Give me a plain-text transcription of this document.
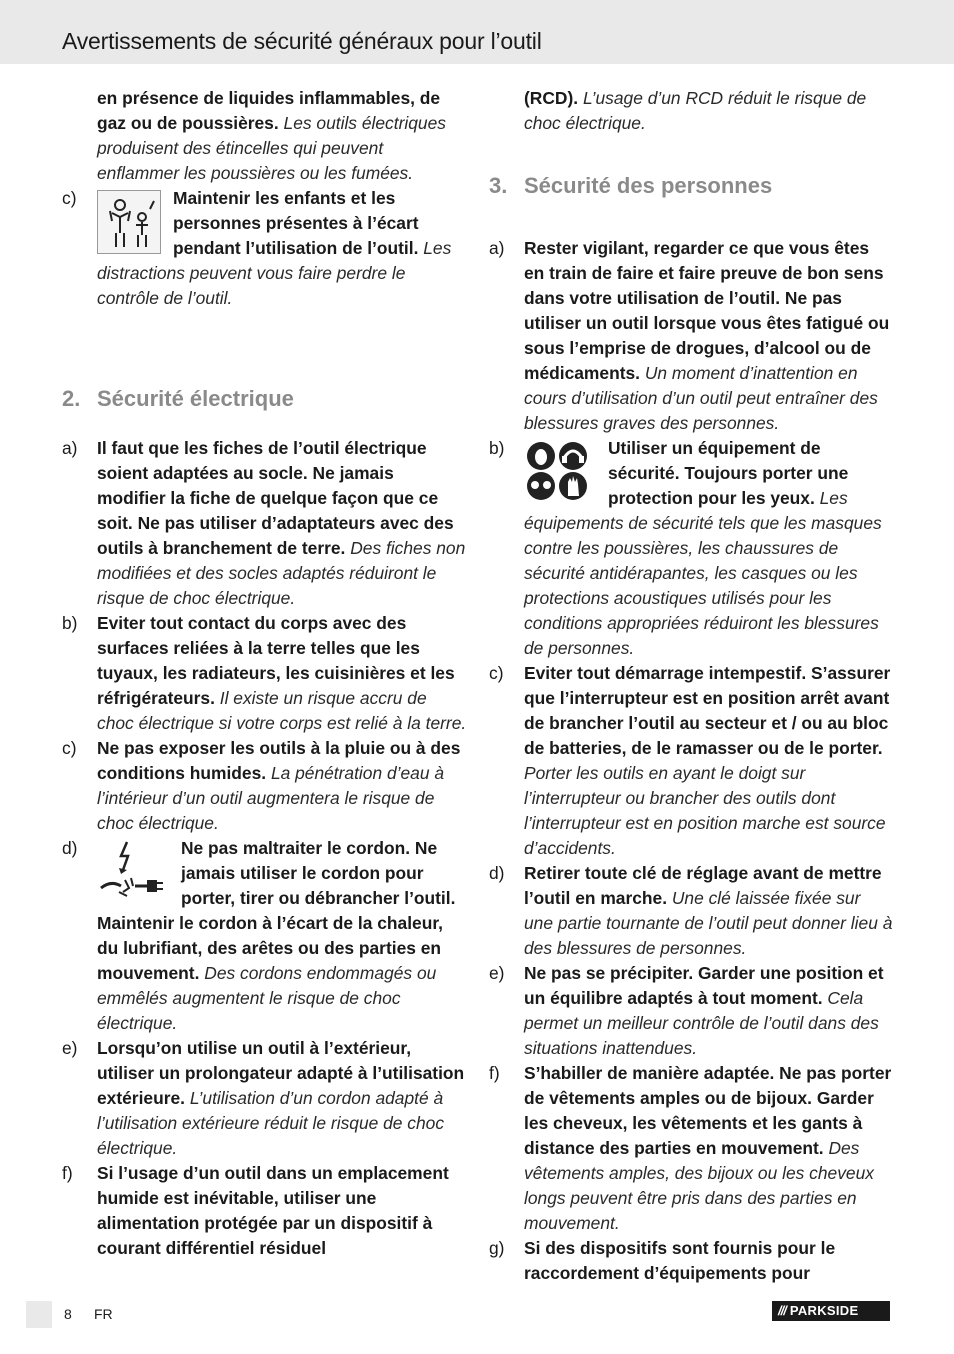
Avertissements de sécurité généraux pour l’outil
en présence de liquides inflammables, de gaz ou de poussières. Les outils électriques produisent des étincelles qui peuvent enflammer les poussières ou les fumées.
c)	Maintenir les enfants et les personnes présentes à l’écart pendant l’utilisation de l’outil. Les distractions peuvent vous faire perdre le contrôle de l’outil.
2. Sécurité électrique
a) Il faut que les fiches de l’outil électrique soient adaptées au socle. Ne jamais modifier la fiche de quelque façon que ce soit. Ne pas utiliser d’adaptateurs avec des outils à branchement de terre. Des fiches non modifiées et des socles adaptés réduiront le risque de choc électrique.
b) Eviter tout contact du corps avec des surfaces reliées à la terre telles que les tuyaux, les radiateurs, les cuisinières et les réfrigérateurs. Il existe un risque accru de choc électrique si votre corps est relié à la terre.
c) Ne pas exposer les outils à la pluie ou à des conditions humides. La pénétration d’eau à l’intérieur d’un outil augmentera le risque de choc électrique.
d)	Ne pas maltraiter le cordon. Ne jamais utiliser le cordon pour porter, tirer ou débrancher l’outil. Maintenir le cordon à l’écart de la chaleur, du lubrifiant, des arêtes ou des parties en mouvement. Des cordons endommagés ou emmêlés augmentent le risque de choc électrique.
e) Lorsqu’on utilise un outil à l’extérieur, utiliser un prolongateur adapté à l’utilisation extérieure. L’utilisation d’un cordon adapté à l’utilisation extérieure réduit le risque de choc électrique.
f) Si l’usage d’un outil dans un emplacement humide est inévitable, utiliser une alimentation protégée par un dispositif à courant différentiel résiduel
(RCD). L’usage d’un RCD réduit le risque de choc électrique.
3. Sécurité des personnes
a) Rester vigilant, regarder ce que vous êtes en train de faire et faire preuve de bon sens dans votre utilisation de l’outil. Ne pas utiliser un outil lorsque vous êtes fatigué ou sous l’emprise de drogues, d’alcool ou de médicaments. Un moment d’inattention en cours d’utilisation d’un outil peut entraîner des blessures graves des personnes.
b)	Utiliser un équipement de sécurité. Toujours porter une protection pour les yeux. Les équipements de sécurité tels que les masques contre les poussières, les chaussures de sécurité antidérapantes, les casques ou les protections acoustiques utilisés pour les conditions appropriées réduiront les blessures de personnes.
c) Eviter tout démarrage intempestif. S’assurer que l’interrupteur est en position arrêt avant de brancher l’outil au secteur et / ou au bloc de batteries, de le ramasser ou de le porter. Porter les outils en ayant le doigt sur l’interrupteur ou brancher des outils dont l’interrupteur est en position marche est source d’accidents.
d) Retirer toute clé de réglage avant de mettre l’outil en marche. Une clé laissée fixée sur une partie tournante de l’outil peut donner lieu à des blessures de personnes.
e) Ne pas se précipiter. Garder une position et un équilibre adaptés à tout moment. Cela permet un meilleur contrôle de l’outil dans des situations inattendues.
f) S’habiller de manière adaptée. Ne pas porter de vêtements amples ou de bijoux. Garder les cheveux, les vêtements et les gants à distance des parties en mouvement. Des vêtements amples, des bijoux ou les cheveux longs peuvent être pris dans des parties en mouvement.
g) Si des dispositifs sont fournis pour le raccordement d’équipements pour
8 FR	/// PARKSIDE
